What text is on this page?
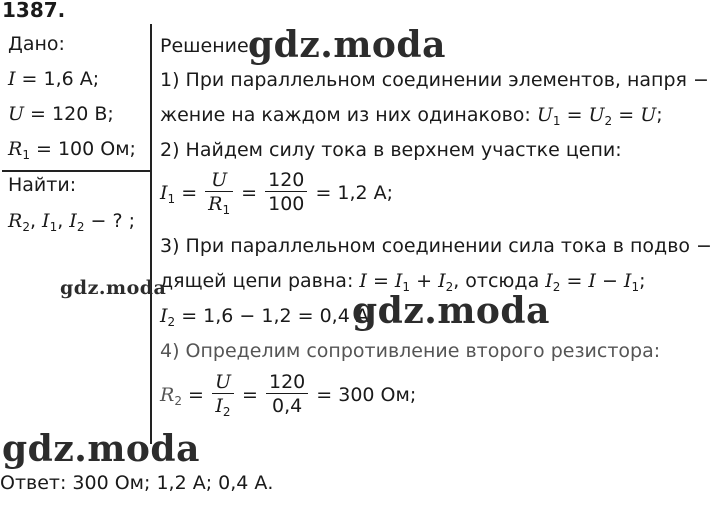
1387.
Дано:
I = 1,6 А;
U = 120 В;
$R_1 = 100$ Ом;
Найти:
$R_2$, $I_1$, $I_2$ − ? ;
Решение:
1) При параллельном соединении элементов, напря −
жение на каждом из них одинаково: $U_1 = U_2 = U$;
2) Найдем силу тока в верхнем участке цепи:
$I_1 = \frac{U}{R_1} = \frac{120}{100} = 1,2$ А;
3) При параллельном соединении сила тока в подво −
дящей цепи равна: $I = I_1 + I_2$, отсюда $I_2 = I - I_1$;
$I_2 = 1,6 - 1,2 = 0,4$ А;
4) Определим сопротивление второго резистора:
$R_2 = \frac{U}{I_2} = \frac{120}{0,4} = 300$ Ом;
Ответ: 300 Ом; 1,2 А; 0,4 А.
gdz.moda
gdz.moda
gdz.moda
gdz.moda
